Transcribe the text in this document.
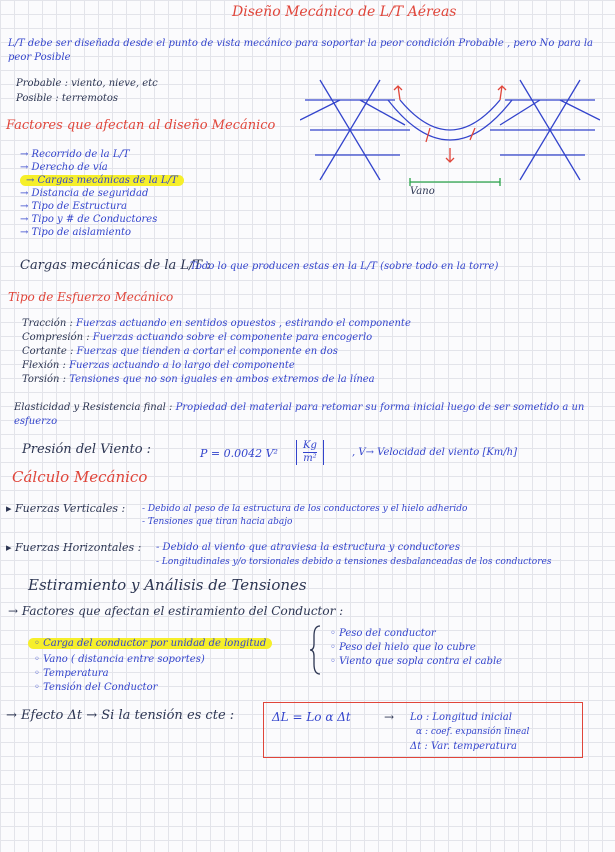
Diseño Mecánico de L/T Aéreas
L/T debe ser diseñada desde el punto de vista mecánico para soportar la peor condición Probable , pero No para la
peor Posible
Probable : viento, nieve, etc
Posible : terremotos
Factores que afectan al diseño Mecánico
→ Recorrido de la L/T
→ Derecho de vía
→ Cargas mecánicas de la L/T
→ Distancia de seguridad
→ Tipo de Estructura
→ Tipo y # de Conductores
→ Tipo de aislamiento
Vano
Cargas mecánicas de la L/T :
Todo lo que producen estas en la L/T (sobre todo en la torre)
Tipo de Esfuerzo Mecánico
Tracción : Fuerzas actuando en sentidos opuestos , estirando el componente
Compresión : Fuerzas actuando sobre el componente para encogerlo
Cortante : Fuerzas que tienden a cortar el componente en dos
Flexión : Fuerzas actuando a lo largo del componente
Torsión : Tensiones que no son iguales en ambos extremos de la línea
Elasticidad y Resistencia final : Propiedad del material para retomar su forma inicial luego de ser sometido a un
esfuerzo
Presión del Viento :	P = 0.0042 V²
Kg
m²
, V→ Velocidad del viento [Km/h]
Cálculo Mecánico
▸ Fuerzas Verticales : - Debido al peso de la estructura de los conductores y el hielo adherido
- Tensiones que tiran hacia abajo
▸ Fuerzas Horizontales : - Debido al viento que atraviesa la estructura y conductores
- Longitudinales y/o torsionales debido a tensiones desbalanceadas de los conductores
Estiramiento y Análisis de Tensiones
→ Factores que afectan el estiramiento del Conductor :
◦ Carga del conductor por unidad de longitud
◦ Vano ( distancia entre soportes)
◦ Temperatura
◦ Tensión del Conductor
◦ Peso del conductor
◦ Peso del hielo que lo cubre
◦ Viento que sopla contra el cable
→ Efecto Δt → Si la tensión es cte :	ΔL = Lo α Δt	→ Lo : Longitud inicial
α : coef. expansión lineal
Δt : Var. temperatura
